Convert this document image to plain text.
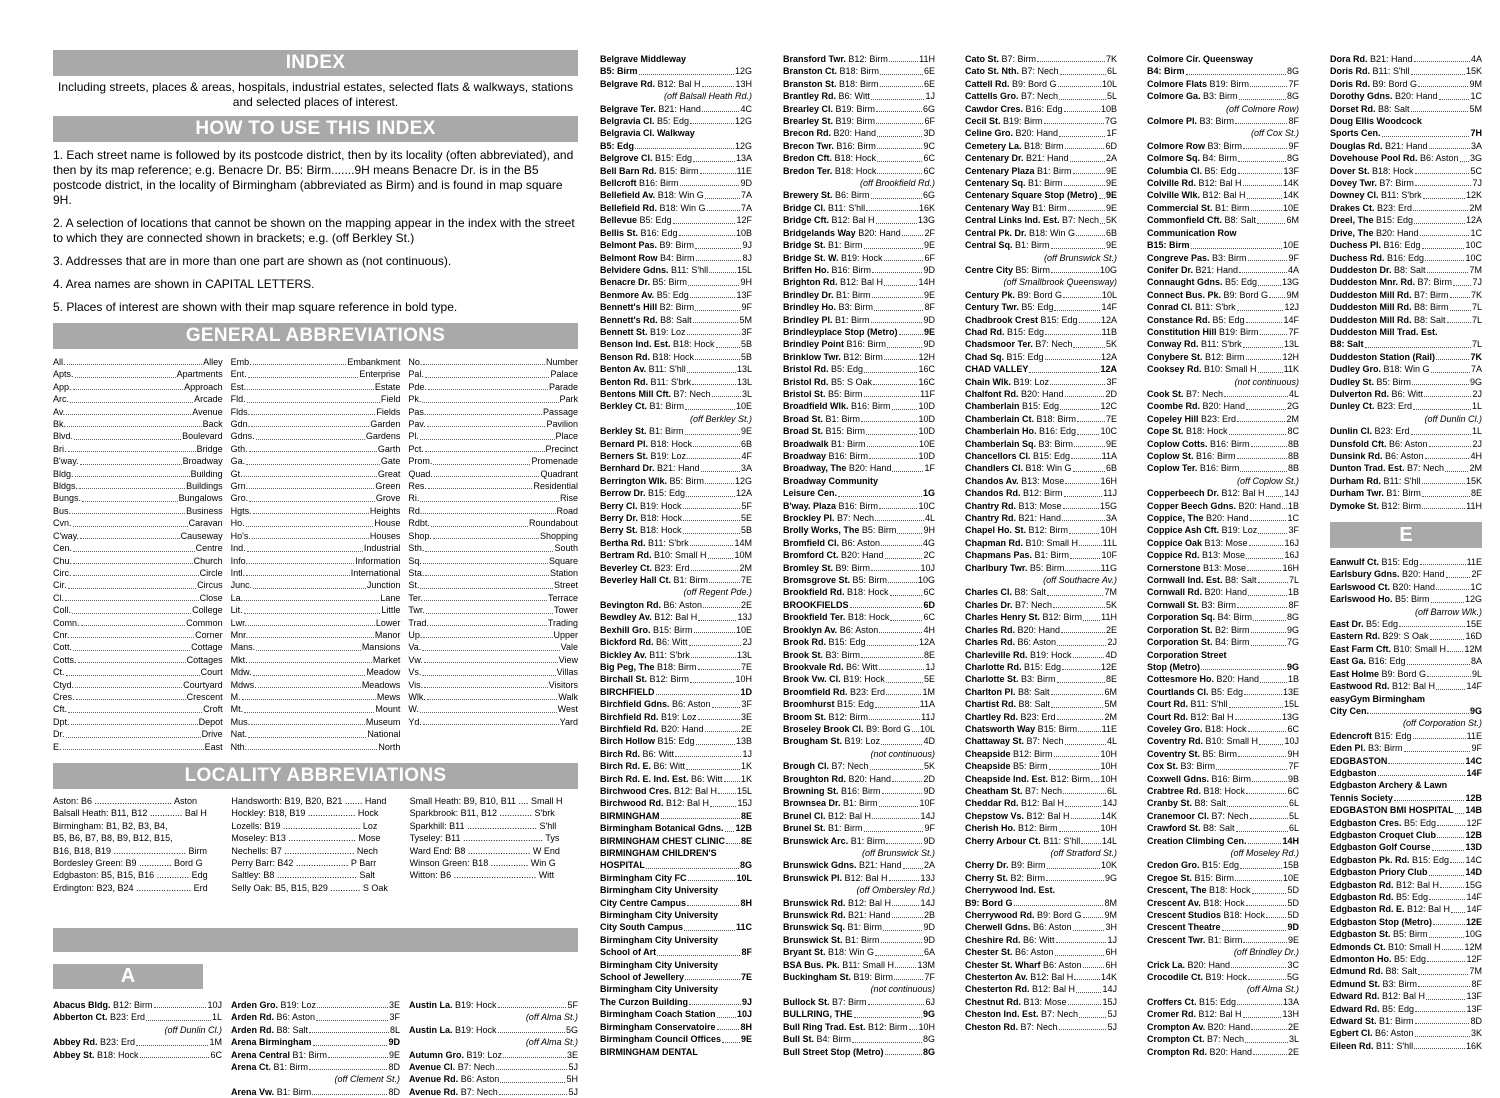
INDEX
Including streets, places & areas, hospitals, industrial estates, selected flats & walkways, stations and selected places of interest.
HOW TO USE THIS INDEX
1. Each street name is followed by its postcode district, then by its locality (often abbreviated), and then by its map reference; e.g. Benacre Dr. B5: Birm.......9H means Benacre Dr. is in the B5 postcode district, in the locality of Birmingham (abbreviated as Birm) and is found in map square 9H.
2. A selection of locations that cannot be shown on the mapping appear in the index with the street to which they are connected shown in brackets; e.g. (off Berkley St.)
3. Addresses that are in more than one part are shown as (not continuous).
4. Area names are shown in CAPITAL LETTERS.
5. Places of interest are shown with their map square reference in bold type.
GENERAL ABBREVIATIONS
All.	Alley
Apts.	Apartments
App.	Approach
Arc.	Arcade
Av.	Avenue
Bk.	Back
Blvd.	Boulevard
Bri.	Bridge
B'way.	Broadway
Bldg.	Building
Bldgs.	Buildings
Bungs.	Bungalows
Bus.	Business
Cvn.	Caravan
C'way.	Causeway
Cen.	Centre
Chu.	Church
Circ.	Circle
Cir.	Circus
Cl.	Close
Coll.	College
Comn.	Common
Cnr.	Corner
Cott.	Cottage
Cotts.	Cottages
Ct.	Court
Ctyd.	Courtyard
Cres.	Crescent
Cft.	Croft
Dpt.	Depot
Dr.	Drive
E.	East
Emb.	Embankment
Ent.	Enterprise
Est.	Estate
Fld.	Field
Flds.	Fields
Gdn.	Garden
Gdns.	Gardens
Gth.	Garth
Ga.	Gate
Gt.	Great
Grn.	Green
Gro.	Grove
Hgts.	Heights
Ho.	House
Ho's.	Houses
Ind.	Industrial
Info.	Information
Intl.	International
Junc.	Junction
La.	Lane
Lit.	Little
Lwr.	Lower
Mnr.	Manor
Mans.	Mansions
Mkt.	Market
Mdw.	Meadow
Mdws.	Meadows
M.	Mews
Mt.	Mount
Mus.	Museum
Nat.	National
Nth.	North
No.	Number
Pal.	Palace
Pde.	Parade
Pk.	Park
Pas.	Passage
Pav.	Pavilion
Pl.	Place
Pct.	Precinct
Prom.	Promenade
Quad.	Quadrant
Res.	Residential
Ri.	Rise
Rd.	Road
Rdbt.	Roundabout
Shop.	Shopping
Sth.	South
Sq.	Square
Sta.	Station
St.	Street
Ter.	Terrace
Twr.	Tower
Trad.	Trading
Up.	Upper
Va.	Vale
Vw.	View
Vs.	Villas
Vis.	Visitors
Wlk.	Walk
W.	West
Yd.	Yard
LOCALITY ABBREVIATIONS
Aston: B6 ............................... Aston
Balsall Heath: B11, B12 ............. Bal H
Birmingham: B1, B2, B3, B4,
B5, B6, B7, B8, B9, B12, B15,
B16, B18, B19 ............................. Birm
Bordesley Green: B9 ............. Bord G
Edgbaston: B5, B15, B16 ............. Edg
Erdington: B23, B24 ...................... Erd
Handsworth: B19, B20, B21 ....... Hand
Hockley: B18, B19 ................... Hock
Lozells: B19 ............................... Loz
Moseley: B13 ........................... Mose
Nechells: B7 ............................ Nech
Perry Barr: B42 ..................... P Barr
Saltley: B8 ................................ Salt
Selly Oak: B5, B15, B29 ............ S Oak
Small Heath: B9, B10, B11 .... Small H
Sparkbrook: B11, B12 ............. S'brk
Sparkhill: B11 ............................ S'hll
Tyseley: B11 ................................ Tys
Ward End: B8 ......................... W End
Winson Green: B18 ............... Win G
Witton: B6 ................................. Witt
A
Abacus Bldg. B12: Birm	10J
Abberton Ct. B23: Erd	1L
(off Dunlin Cl.)
Abbey Rd. B23: Erd	1M
Abbey St. B18: Hock	6C
Arden Gro. B19: Loz	3E
Arden Rd. B6: Aston	3F
Arden Rd. B8: Salt	8L
Arena Birmingham	9D
Arena Central B1: Birm	9E
Arena Ct. B1: Birm	8D
(off Clement St.)
Arena Vw. B1: Birm	8D
Austin La. B19: Hock	5F
(off Alma St.)
Austin La. B19: Hock	5G
(off Alma St.)
Autumn Gro. B19: Loz	3E
Avenue Cl. B7: Nech	5J
Avenue Rd. B6: Aston	5H
Avenue Rd. B7: Nech	5J
Belgrave Middleway
B5: Birm	12G
Belgrave Rd. B12: Bal H	13H
(off Balsall Heath Rd.)
Belgrave Ter. B21: Hand	4C
Belgravia Cl. B5: Edg	12G
Belgravia Cl. Walkway
B5: Edg	12G
Belgrove Cl. B15: Edg	13A
Bell Barn Rd. B15: Birm	11E
Bellcroft B16: Birm	9D
Bellefield Av. B18: Win G	7A
Bellefield Rd. B18: Win G	7A
Bellevue B5: Edg	12F
Bellis St. B16: Edg	10B
Belmont Pas. B9: Birm	9J
Belmont Row B4: Birm	8J
Belvidere Gdns. B11: S'hll	15L
Benacre Dr. B5: Birm	9H
Benmore Av. B5: Edg	13F
Bennett's Hill B2: Birm	9F
Bennett's Rd. B8: Salt	5M
Bennett St. B19: Loz	3F
Benson Ind. Est. B18: Hock	5B
Benson Rd. B18: Hock	5B
Benton Av. B11: S'hll	13L
Benton Rd. B11: S'brk	13L
Bentons Mill Cft. B7: Nech	3L
Berkley Ct. B1: Birm	10E
(off Berkley St.)
Berkley St. B1: Birm	9E
Bernard Pl. B18: Hock	6B
Berners St. B19: Loz	4F
Bernhard Dr. B21: Hand	3A
Berrington Wlk. B5: Birm	12G
Berrow Dr. B15: Edg	12A
Berry Cl. B19: Hock	5F
Berry Dr. B18: Hock	5E
Berry St. B18: Hock	5B
Bertha Rd. B11: S'brk	14M
Bertram Rd. B10: Small H	10M
Beverley Ct. B23: Erd	2M
Beverley Hall Ct. B1: Birm	7E
(off Regent Pde.)
Bevington Rd. B6: Aston	2E
Bewdley Av. B12: Bal H	13J
Bexhill Gro. B15: Birm	10E
Bickford Rd. B6: Witt	2J
Bickley Av. B11: S'brk	13L
Big Peg, The B18: Birm	7E
Birchall St. B12: Birm	10H
BIRCHFIELD	1D
Birchfield Gdns. B6: Aston	3F
Birchfield Rd. B19: Loz	3E
Birchfield Rd. B20: Hand	2E
Birch Hollow B15: Edg	13B
Birch Rd. B6: Witt	1J
Birch Rd. E. B6: Witt	1K
Birch Rd. E. Ind. Est. B6: Witt 1K
Birchwood Cres. B12: Bal H 15L
Birchwood Rd. B12: Bal H	15J
BIRMINGHAM	8E
Birmingham Botanical Gdns. 12B
BIRMINGHAM CHEST CLINIC 8E
BIRMINGHAM CHILDREN'S
HOSPITAL	8G
Birmingham City FC	10L
Birmingham City University
City Centre Campus	8H
Birmingham City University
City South Campus	11C
Birmingham City University
School of Art	8F
Birmingham City University
School of Jewellery	7E
Birmingham City University
The Curzon Building	9J
Birmingham Coach Station 10J
Birmingham Conservatoire	8H
Birmingham Council Offices 9E
BIRMINGHAM DENTAL
Bransford Twr. B12: Birm	11H
Branston Ct. B18: Birm	6E
Branston St. B18: Birm	6E
Brantley Rd. B6: Witt	1J
Brearley Cl. B19: Birm	6G
Brearley St. B19: Birm	6F
Brecon Rd. B20: Hand	3D
Brecon Twr. B16: Birm	9C
Bredon Cft. B18: Hock	6C
Bredon Ter. B18: Hock	6C
(off Brookfield Rd.)
Brewery St. B6: Birm	6G
Bridge Cl. B11: S'hll	16K
Bridge Cft. B12: Bal H	13G
Bridgelands Way B20: Hand	2F
Bridge St. B1: Birm	9E
Bridge St. W. B19: Hock	6F
Briffen Ho. B16: Birm	9D
Brighton Rd. B12: Bal H	14H
Brindley Dr. B1: Birm	9E
Brindley Ho. B3: Birm	8F
Brindley Pl. B1: Birm	9D
Brindleyplace Stop (Metro)	9E
Brindley Point B16: Birm	9D
Brinklow Twr. B12: Birm	12H
Bristol Rd. B5: Edg	16C
Bristol Rd. B5: S Oak	16C
Bristol St. B5: Birm	11F
Broadfield Wlk. B16: Birm	10D
Broad St. B1: Birm	10D
Broad St. B15: Birm	10D
Broadwalk B1: Birm	10E
Broadway B16: Birm	10D
Broadway, The B20: Hand	1F
Broadway Community
Leisure Cen.	1G
B'way. Plaza B16: Birm	10C
Brockley Pl. B7: Nech	4L
Brolly Works, The B5: Birm	9H
Bromfield Cl. B6: Aston	4G
Bromford Ct. B20: Hand	2C
Bromley St. B9: Birm	10J
Bromsgrove St. B5: Birm	10G
Brookfield Rd. B18: Hock	6C
BROOKFIELDS	6D
Brookfield Ter. B18: Hock	6C
Brooklyn Av. B6: Aston	4H
Brook Rd. B15: Edg	12A
Brook St. B3: Birm	8E
Brookvale Rd. B6: Witt	1J
Brook Vw. Cl. B19: Hock	5E
Broomfield Rd. B23: Erd	1M
Broomhurst B15: Edg	11A
Broom St. B12: Birm	11J
Broseley Brook Cl. B9: Bord G 10L
Brougham St. B19: Loz	4D
(not continuous)
Brough Cl. B7: Nech	5K
Broughton Rd. B20: Hand	2D
Browning St. B16: Birm	9D
Brownsea Dr. B1: Birm	10F
Brunel Cl. B12: Bal H	14J
Brunel St. B1: Birm	9F
Brunswick Arc. B1: Birm	9D
(off Brunswick St.)
Brunswick Gdns. B21: Hand 2A
Brunswick Pl. B12: Bal H	13J
(off Ombersley Rd.)
Brunswick Rd. B12: Bal H	14J
Brunswick Rd. B21: Hand	2B
Brunswick Sq. B1: Birm	9D
Brunswick St. B1: Birm	9D
Bryant St. B18: Win G	6A
BSA Bus. Pk. B11: Small H	13M
Buckingham St. B19: Birm	7F
(not continuous)
Bullock St. B7: Birm	6J
BULLRING, THE	9G
Bull Ring Trad. Est. B12: Birm 10H
Bull St. B4: Birm	8G
Bull Street Stop (Metro)	8G
Cato St. B7: Birm	7K
Cato St. Nth. B7: Nech	6L
Cattell Rd. B9: Bord G	10L
Cattells Gro. B7: Nech	5L
Cawdor Cres. B16: Edg	10B
Cecil St. B19: Birm	7G
Celine Gro. B20: Hand	1F
Cemetery La. B18: Birm	6D
Centenary Dr. B21: Hand	2A
Centenary Plaza B1: Birm	9E
Centenary Sq. B1: Birm	9E
Centenary Square Stop (Metro) 9E
Centenary Way B1: Birm	9E
Central Links Ind. Est. B7: Nech 5K
Central Pk. Dr. B18: Win G	6B
Central Sq. B1: Birm	9E
(off Brunswick St.)
Centre City B5: Birm	10G
(off Smallbrook Queensway)
Century Pk. B9: Bord G	10L
Century Twr. B5: Edg	14F
Chadbrook Crest B15: Edg	12A
Chad Rd. B15: Edg	11B
Chadsmoor Ter. B7: Nech	5K
Chad Sq. B15: Edg	12A
CHAD VALLEY	12A
Chain Wlk. B19: Loz	3F
Chalfont Rd. B20: Hand	2D
Chamberlain B15: Edg	12C
Chamberlain Ct. B18: Birm	7E
Chamberlain Ho. B16: Edg	10C
Chamberlain Sq. B3: Birm	9E
Chancellors Cl. B15: Edg	11A
Chandlers Cl. B18: Win G	6B
Chandos Av. B13: Mose	16H
Chandos Rd. B12: Birm	11J
Chantry Rd. B13: Mose	15G
Chantry Rd. B21: Hand	3A
Chapel Ho. St. B12: Birm	10H
Chapman Rd. B10: Small H	11L
Chapmans Pas. B1: Birm	10F
Charlbury Twr. B5: Birm	11G
(off Southacre Av.)
Charles Cl. B8: Salt	7M
Charles Dr. B7: Nech	5K
Charles Henry St. B12: Birm 11H
Charles Rd. B20: Hand	2E
Charles Rd. B6: Aston	2J
Charleville Rd. B19: Hock	4D
Charlotte Rd. B15: Edg	12E
Charlotte St. B3: Birm	8E
Charlton Pl. B8: Salt	6M
Chartist Rd. B8: Salt	5M
Chartley Rd. B23: Erd	2M
Chatsworth Way B15: Birm	11E
Chattaway St. B7: Nech	4L
Cheapside B12: Birm	10H
Cheapside B5: Birm	10H
Cheapside Ind. Est. B12: Birm 10H
Cheatham St. B7: Nech	6L
Cheddar Rd. B12: Bal H	14J
Chepstow Vs. B12: Bal H	14K
Cherish Ho. B12: Birm	10H
Cherry Arbour Ct. B11: S'hll 14L
(off Stratford St.)
Cherry Dr. B9: Birm	10K
Cherry St. B2: Birm	9G
Cherrywood Ind. Est.
B9: Bord G	8M
Cherrywood Rd. B9: Bord G	9M
Cherwell Gdns. B6: Aston	3H
Cheshire Rd. B6: Witt	1J
Chester St. B6: Aston	6H
Chester St. Wharf B6: Aston	6H
Chesterton Av. B12: Bal H	14K
Chesterton Rd. B12: Bal H	14J
Chestnut Rd. B13: Mose	15J
Cheston Ind. Est. B7: Nech	5J
Cheston Rd. B7: Nech	5J
Colmore Cir. Queensway
B4: Birm	8G
Colmore Flats B19: Birm	7F
Colmore Ga. B3: Birm	8G
(off Colmore Row)
Colmore Pl. B3: Birm	8F
(off Cox St.)
Colmore Row B3: Birm	9F
Colmore Sq. B4: Birm	8G
Columbia Cl. B5: Edg	13F
Colville Rd. B12: Bal H	14K
Colville Wlk. B12: Bal H	14K
Commercial St. B1: Birm	10E
Commonfield Cft. B8: Salt	6M
Communication Row
B15: Birm	10E
Congreve Pas. B3: Birm	9F
Conifer Dr. B21: Hand	4A
Connaught Gdns. B5: Edg	13G
Connect Bus. Pk. B9: Bord G 9M
Conrad Cl. B11: S'brk	12J
Constance Rd. B5: Edg	14F
Constitution Hill B19: Birm	7F
Conway Rd. B11: S'brk	13L
Conybere St. B12: Birm	12H
Cooksey Rd. B10: Small H	11K
(not continuous)
Cook St. B7: Nech	4L
Coombe Rd. B20: Hand	2G
Copeley Hill B23: Erd	2M
Cope St. B18: Hock	8C
Coplow Cotts. B16: Birm	8B
Coplow St. B16: Birm	8B
Coplow Ter. B16: Birm	8B
(off Coplow St.)
Copperbeech Dr. B12: Bal H 14J
Copper Beech Gdns. B20: Hand 1B
Coppice, The B20: Hand	1C
Coppice Ash Cft. B19: Loz	3F
Coppice Oak B13: Mose	16J
Coppice Rd. B13: Mose	16J
Cornerstone B13: Mose	16H
Cornwall Ind. Est. B8: Salt	7L
Cornwall Rd. B20: Hand	1B
Cornwall St. B3: Birm	8F
Corporation Sq. B4: Birm	8G
Corporation St. B2: Birm	9G
Corporation St. B4: Birm	7G
Corporation Street
Stop (Metro)	9G
Cottesmore Ho. B20: Hand	1B
Courtlands Cl. B5: Edg	13E
Court Rd. B11: S'hll	15L
Court Rd. B12: Bal H	13G
Coveley Gro. B18: Hock	6C
Coventry Rd. B10: Small H	10J
Coventry St. B5: Birm	9H
Cox St. B3: Birm	7F
Coxwell Gdns. B16: Birm	9B
Crabtree Rd. B18: Hock	6C
Cranby St. B8: Salt	6L
Cranemoor Cl. B7: Nech	5L
Crawford St. B8: Salt	6L
Creation Climbing Cen.	14H
(off Moseley Rd.)
Credon Gro. B15: Edg	15B
Cregoe St. B15: Birm	10E
Crescent, The B18: Hock	5D
Crescent Av. B18: Hock	5D
Crescent Studios B18: Hock 5D
Crescent Theatre	9D
Crescent Twr. B1: Birm	9E
(off Brindley Dr.)
Crick La. B20: Hand	3C
Crocodile Ct. B19: Hock	5G
(off Alma St.)
Croffers Ct. B15: Edg	13A
Cromer Rd. B12: Bal H	13H
Crompton Av. B20: Hand	2E
Crompton Ct. B7: Nech	3L
Crompton Rd. B20: Hand	2E
Dora Rd. B21: Hand	4A
Doris Rd. B11: S'hll	15K
Doris Rd. B9: Bord G	9M
Dorothy Gdns. B20: Hand	1C
Dorset Rd. B8: Salt	5M
Doug Ellis Woodcock
Sports Cen.	7H
Douglas Rd. B21: Hand	3A
Dovehouse Pool Rd. B6: Aston 3G
Dover St. B18: Hock	5C
Dovey Twr. B7: Birm	7J
Downey Cl. B11: S'brk	12K
Drakes Ct. B23: Erd	2M
Dreel, The B15: Edg	12A
Drive, The B20: Hand	1C
Duchess Pl. B16: Edg	10C
Duchess Rd. B16: Edg	10C
Duddeston Dr. B8: Salt	7M
Duddeston Mnr. Rd. B7: Birm 7J
Duddeston Mill Rd. B7: Birm 7K
Duddeston Mill Rd. B8: Birm	7L
Duddeston Mill Rd. B8: Salt	7L
Duddeston Mill Trad. Est.
B8: Salt	7L
Duddeston Station (Rail)	7K
Dudley Gro. B18: Win G	7A
Dudley St. B5: Birm	9G
Dulverton Rd. B6: Witt	2J
Dunley Ct. B23: Erd	1L
(off Dunlin Cl.)
Dunlin Cl. B23: Erd	1L
Dunsfold Cft. B6: Aston	2J
Dunsink Rd. B6: Aston	4H
Dunton Trad. Est. B7: Nech	2M
Durham Rd. B11: S'hll	15K
Durham Twr. B1: Birm	8E
Dymoke St. B12: Birm	11H
E
Eanwulf Ct. B15: Edg	11E
Earlsbury Gdns. B20: Hand	2F
Earlswood Ct. B20: Hand	1C
Earlswood Ho. B5: Birm	12G
(off Barrow Wlk.)
East Dr. B5: Edg	15E
Eastern Rd. B29: S Oak	16D
East Farm Cft. B10: Small H 12M
East Ga. B16: Edg	8A
East Holme B9: Bord G	9L
Eastwood Rd. B12: Bal H	14F
easyGym Birmingham
City Cen.	9G
(off Corporation St.)
Edencroft B15: Edg	11E
Eden Pl. B3: Birm	9F
EDGBASTON	14C
Edgbaston	14F
Edgbaston Archery & Lawn
Tennis Society	12B
EDGBASTON BMI HOSPITAL 14B
Edgbaston Cres. B5: Edg	12F
Edgbaston Croquet Club	12B
Edgbaston Golf Course	13D
Edgbaston Pk. Rd. B15: Edg 14C
Edgbaston Priory Club	14D
Edgbaston Rd. B12: Bal H	15G
Edgbaston Rd. B5: Edg	14F
Edgbaston Rd. E. B12: Bal H 14F
Edgbaston Stop (Metro)	12E
Edgbaston St. B5: Birm	10G
Edmonds Ct. B10: Small H	12M
Edmonton Ho. B5: Edg	12F
Edmund Rd. B8: Salt	7M
Edmund St. B3: Birm	8F
Edward Rd. B12: Bal H	13F
Edward Rd. B5: Edg	13F
Edward St. B1: Birm	8D
Egbert Cl. B6: Aston	3K
Eileen Rd. B11: S'hll	16K
